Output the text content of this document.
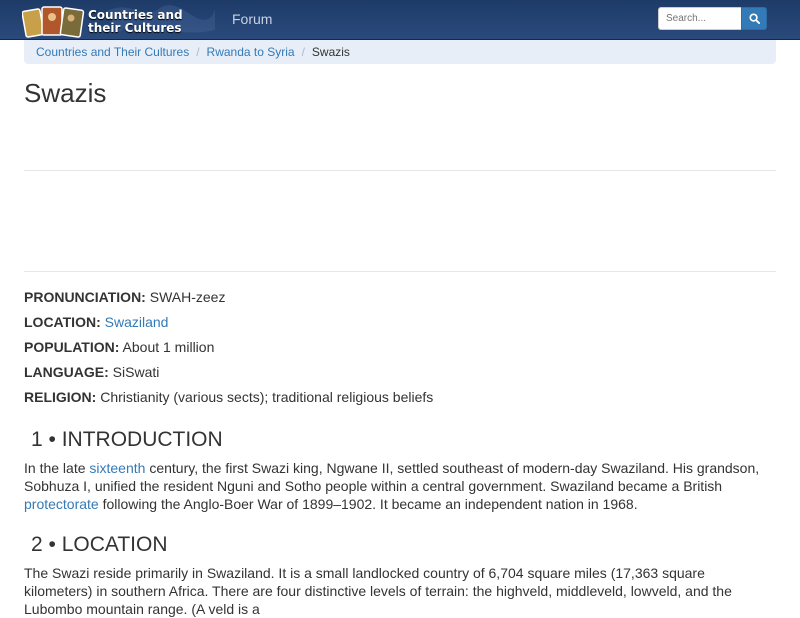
Countries and
their Cultures
Forum
Search...
Countries and Their Cultures / Rwanda to Syria / Swazis
Swazis
PRONUNCIATION: SWAH-zeez
LOCATION: Swaziland
POPULATION: About 1 million
LANGUAGE: SiSwati
RELIGION: Christianity (various sects); traditional religious beliefs
1 • INTRODUCTION

In the late sixteenth century, the first Swazi king, Ngwane II, settled southeast of modern-day Swaziland. His grandson, Sobhuza I, unified the resident Nguni and Sotho people within a central government. Swaziland became a British protectorate following the Anglo-Boer War of 1899–1902. It became an independent nation in 1968.

2 • LOCATION

The Swazi reside primarily in Swaziland. It is a small landlocked country of 6,704 square miles (17,363 square kilometers) in southern Africa. There are four distinctive levels of terrain: the highveld, middleveld, lowveld, and the Lubombo mountain range. (A veld is a
